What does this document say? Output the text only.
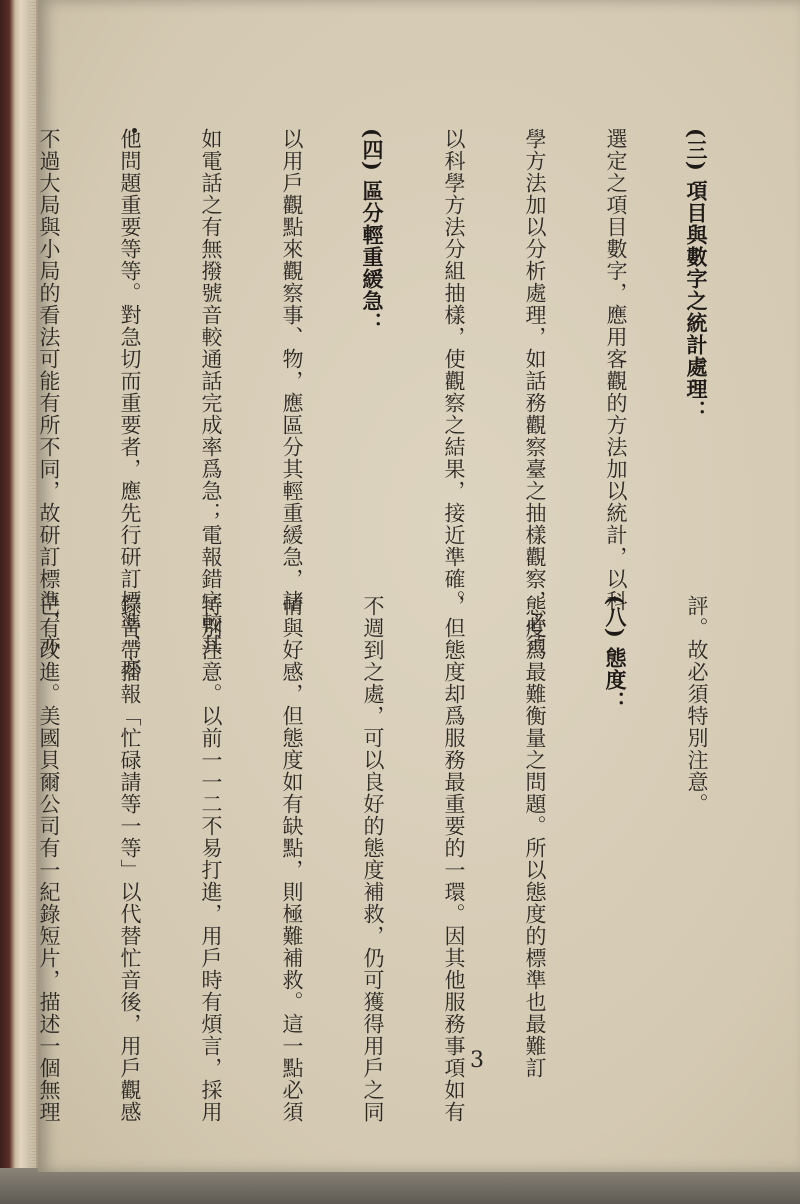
(三) 項目與數字之統計處理：

選定之項目數字，應用客觀的方法加以統計，以科

學方法加以分析處理，如話務觀察臺之抽樣觀察，必須

以科學方法分組抽樣，使觀察之結果，接近準確。

(四) 區分輕重緩急：

以用戶觀點來觀察事、物，應區分其輕重緩急，諸

如電話之有無撥號音較通話完成率爲急；電報錯字較其

他問題重要等等。對急切而重要者，應先行研訂標準，亦

不過大局與小局的看法可能有所不同，故研訂標準，亦

評。故必須特別注意。

(八) 態度：

態度爲最難衡量之問題。所以態度的標準也最難訂

，但態度却爲服務最重要的一環。因其他服務事項如有

不週到之處，可以良好的態度補救，仍可獲得用戶之同

情與好感，但態度如有缺點，則極難補救。這一點必須

特別注意。以前一一二不易打進，用戶時有煩言，採用

錄音帶播報「忙碌請等一等」以代替忙音後，用戶觀感

已有改進。美國貝爾公司有一紀錄短片，描述一個無理

	3
